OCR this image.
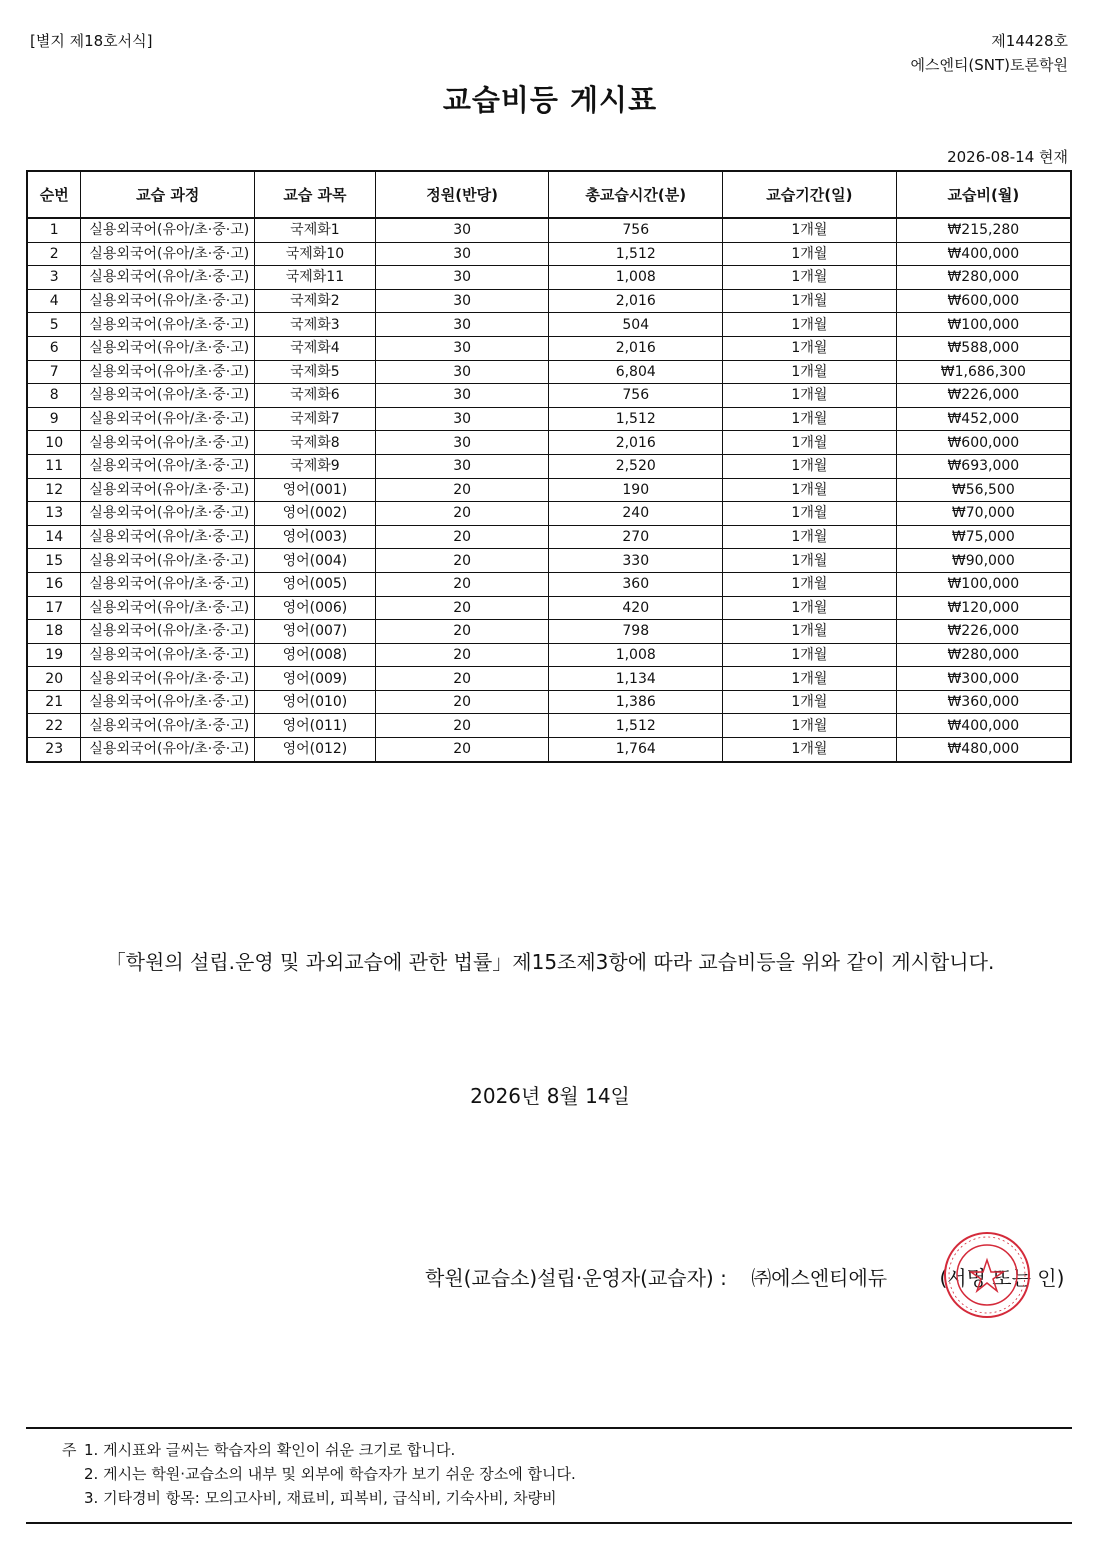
[별지 제18호서식]	제14428호
에스엔티(SNT)토론학원
교습비등 게시표
2026-08-14 현재
순번	교습 과정	교습 과목	정원(반당)	총교습시간(분)	교습기간(일)	교습비(월)
1	실용외국어(유아/초·중·고)	국제화1	30	756	1개월	₩215,280
2	실용외국어(유아/초·중·고)	국제화10	30	1,512	1개월	₩400,000
3	실용외국어(유아/초·중·고)	국제화11	30	1,008	1개월	₩280,000
4	실용외국어(유아/초·중·고)	국제화2	30	2,016	1개월	₩600,000
5	실용외국어(유아/초·중·고)	국제화3	30	504	1개월	₩100,000
6	실용외국어(유아/초·중·고)	국제화4	30	2,016	1개월	₩588,000
7	실용외국어(유아/초·중·고)	국제화5	30	6,804	1개월	₩1,686,300
8	실용외국어(유아/초·중·고)	국제화6	30	756	1개월	₩226,000
9	실용외국어(유아/초·중·고)	국제화7	30	1,512	1개월	₩452,000
10	실용외국어(유아/초·중·고)	국제화8	30	2,016	1개월	₩600,000
11	실용외국어(유아/초·중·고)	국제화9	30	2,520	1개월	₩693,000
12	실용외국어(유아/초·중·고)	영어(001)	20	190	1개월	₩56,500
13	실용외국어(유아/초·중·고)	영어(002)	20	240	1개월	₩70,000
14	실용외국어(유아/초·중·고)	영어(003)	20	270	1개월	₩75,000
15	실용외국어(유아/초·중·고)	영어(004)	20	330	1개월	₩90,000
16	실용외국어(유아/초·중·고)	영어(005)	20	360	1개월	₩100,000
17	실용외국어(유아/초·중·고)	영어(006)	20	420	1개월	₩120,000
18	실용외국어(유아/초·중·고)	영어(007)	20	798	1개월	₩226,000
19	실용외국어(유아/초·중·고)	영어(008)	20	1,008	1개월	₩280,000
20	실용외국어(유아/초·중·고)	영어(009)	20	1,134	1개월	₩300,000
21	실용외국어(유아/초·중·고)	영어(010)	20	1,386	1개월	₩360,000
22	실용외국어(유아/초·중·고)	영어(011)	20	1,512	1개월	₩400,000
23	실용외국어(유아/초·중·고)	영어(012)	20	1,764	1개월	₩480,000
「학원의 설립.운영 및 과외교습에 관한 법률」제15조제3항에 따라 교습비등을 위와 같이 게시합니다.
2026년 8월 14일
학원(교습소)설립·운영자(교습자) : ㈜에스엔티에듀	(서명 또는 인)
주 1. 게시표와 글씨는 학습자의 확인이 쉬운 크기로 합니다.
2. 게시는 학원·교습소의 내부 및 외부에 학습자가 보기 쉬운 장소에 합니다.
3. 기타경비 항목: 모의고사비, 재료비, 피복비, 급식비, 기숙사비, 차량비
